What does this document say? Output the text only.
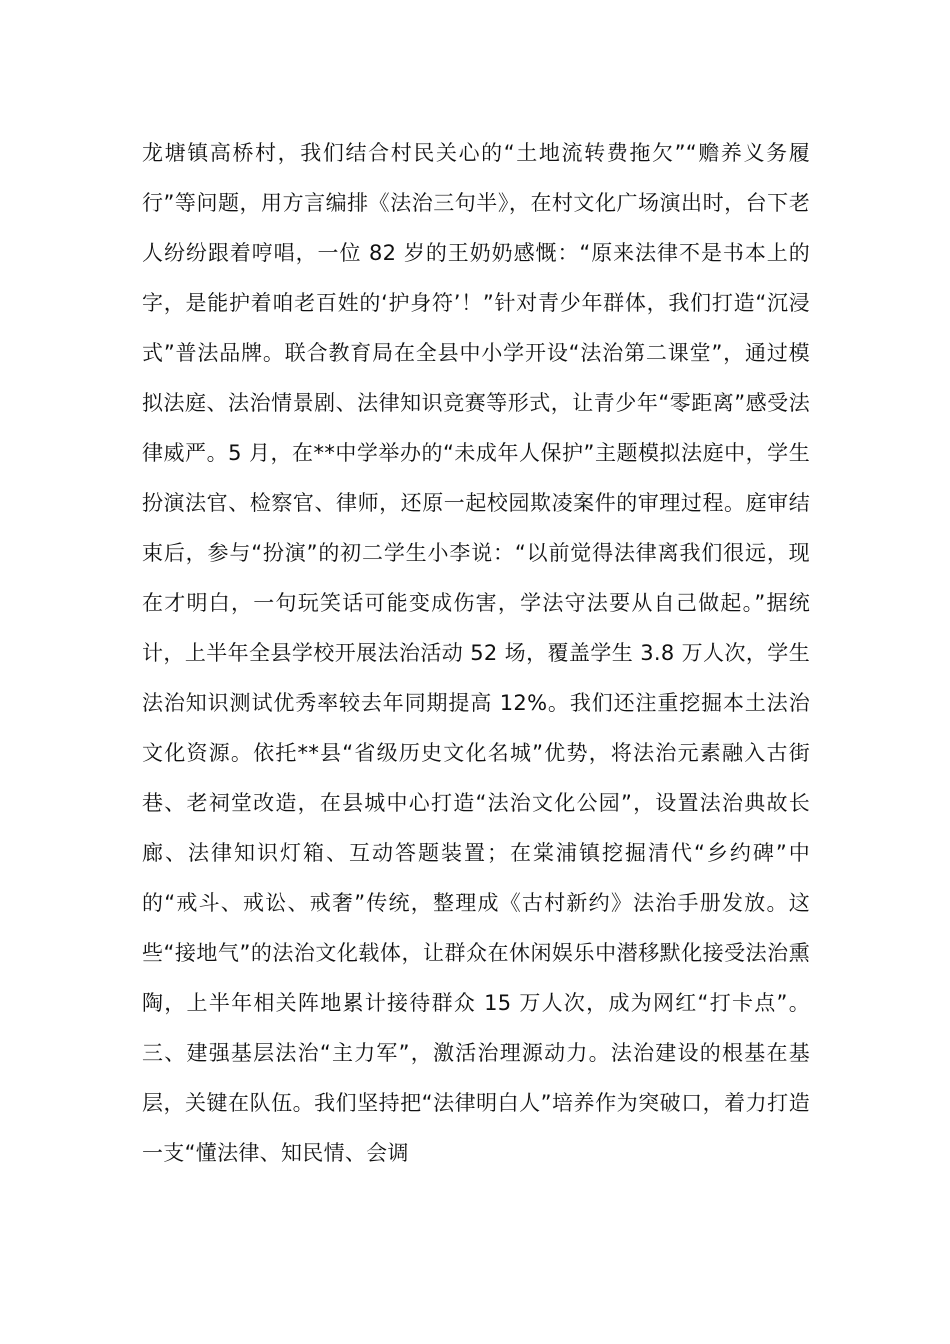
龙塘镇高桥村，我们结合村民关心的“土地流转费拖欠”“赡养义务履行”等问题，用方言编排《法治三句半》，在村文化广场演出时，台下老人纷纷跟着哼唱，一位 82 岁的王奶奶感慨：“原来法律不是书本上的字，是能护着咱老百姓的‘护身符’！”针对青少年群体，我们打造“沉浸式”普法品牌。联合教育局在全县中小学开设“法治第二课堂”，通过模拟法庭、法治情景剧、法律知识竞赛等形式，让青少年“零距离”感受法律威严。5 月，在**中学举办的“未成年人保护”主题模拟法庭中，学生扮演法官、检察官、律师，还原一起校园欺凌案件的审理过程。庭审结束后，参与“扮演”的初二学生小李说：“以前觉得法律离我们很远，现在才明白，一句玩笑话可能变成伤害，学法守法要从自己做起。”据统计，上半年全县学校开展法治活动 52 场，覆盖学生 3.8 万人次，学生法治知识测试优秀率较去年同期提高 12%。我们还注重挖掘本土法治文化资源。依托**县“省级历史文化名城”优势，将法治元素融入古街巷、老祠堂改造，在县城中心打造“法治文化公园”，设置法治典故长廊、法律知识灯箱、互动答题装置；在棠浦镇挖掘清代“乡约碑”中的“戒斗、戒讼、戒奢”传统，整理成《古村新约》法治手册发放。这些“接地气”的法治文化载体，让群众在休闲娱乐中潜移默化接受法治熏陶，上半年相关阵地累计接待群众 15 万人次，成为网红“打卡点”。三、建强基层法治“主力军”，激活治理源动力。法治建设的根基在基层，关键在队伍。我们坚持把“法律明白人”培养作为突破口，着力打造一支“懂法律、知民情、会调
